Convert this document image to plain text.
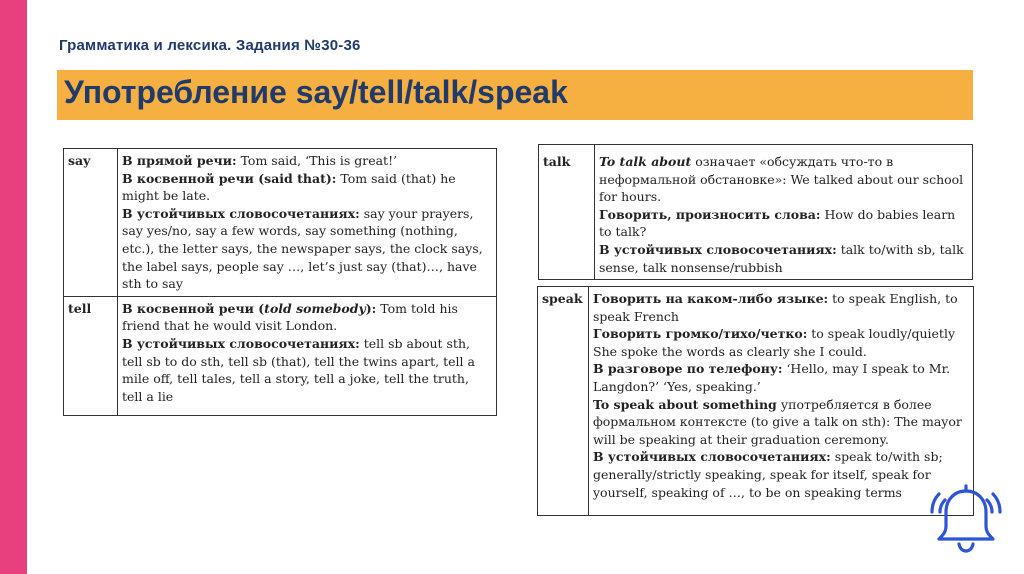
Грамматика и лексика. Задания №30-36
Употребление say/tell/talk/speak
say	В прямой речи: Tom said, ‘This is great!’
В косвенной речи (said that): Tom said (that) he might be late.
В устойчивых словосочетаниях: say your prayers, say yes/no, say a few words, say something (nothing, etc.), the letter says, the newspaper says, the clock says, the label says, people say …, let’s just say (that)…, have sth to say

tell	В косвенной речи (told somebody): Tom told his friend that he would visit London.
В устойчивых словосочетаниях: tell sb about sth, tell sb to do sth, tell sb (that), tell the twins apart, tell a mile off, tell tales, tell a story, tell a joke, tell the truth, tell a lie
talk	To talk about означает «обсуждать что-то в неформальной обстановке»: We talked about our school for hours.
Говорить, произносить слова: How do babies learn to talk?
В устойчивых словосочетаниях: talk to/with sb, talk sense, talk nonsense/rubbish
speak	Говорить на каком-либо языке: to speak English, to speak French
Говорить громко/тихо/четко: to speak loudly/quietly
She spoke the words as clearly she I could.
В разговоре по телефону: ‘Hello, may I speak to Mr. Langdon?’ ‘Yes, speaking.’
To speak about something употребляется в более формальном контексте (to give a talk on sth): The mayor will be speaking at their graduation ceremony.
В устойчивых словосочетаниях: speak to/with sb; generally/strictly speaking, speak for itself, speak for yourself, speaking of …, to be on speaking terms
